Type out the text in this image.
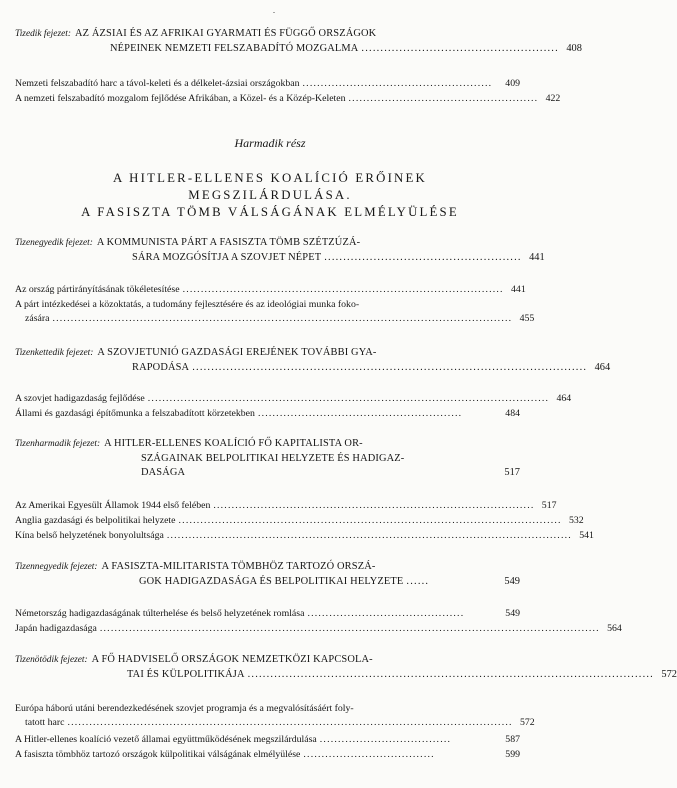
.
Tizedik fejezet: AZ ÁZSIAI ÉS AZ AFRIKAI GYARMATI ÉS FÜGGŐ ORSZÁGOK
NÉPEINEK NEMZETI FELSZABADÍTÓ MOZGALMA .................................................... 408
Nemzeti felszabadító harc a távol-keleti és a délkelet-ázsiai országokban ....................................................	409
A nemzeti felszabadító mozgalom fejlődése Afrikában, a Közel- és a Közép-Keleten .................................................... 422
Harmadik rész
A HITLER-ELLENES KOALÍCIÓ ERŐINEK
MEGSZILÁRDULÁSA.
A FASISZTA TÖMB VÁLSÁGÁNAK ELMÉLYÜLÉSE
Tizenegyedik fejezet: A KOMMUNISTA PÁRT A FASISZTA TÖMB SZÉTZÚZÁ-
SÁRA MOZGÓSÍTJA A SZOVJET NÉPET .................................................... 441
Az ország pártirányításának tökéletesítése ........................................................................................ 441
A párt intézkedései a közoktatás, a tudomány fejlesztésére és az ideológiai munka foko-
zására .............................................................................................................................. 455
Tizenkettedik fejezet: A SZOVJETUNIÓ GAZDASÁGI EREJÉNEK TOVÁBBI GYA-
RAPODÁSA ........................................................................................................ 464
A szovjet hadigazdaság fejlődése .............................................................................................................. 464
Állami és gazdasági építőmunka a felszabadított körzetekben ........................................................	484
Tizenharmadik fejezet: A HITLER-ELLENES KOALÍCIÓ FŐ KAPITALISTA OR-
SZÁGAINAK BELPOLITIKAI HELYZETE ÉS HADIGAZ-
DASÁGA	517
Az Amerikai Egyesült Államok 1944 első felében ........................................................................................ 517
Anglia gazdasági és belpolitikai helyzete ......................................................................................................... 532
Kína belső helyzetének bonyolultsága ............................................................................................................... 541
Tizennegyedik fejezet: A FASISZTA-MILITARISTA TÖMBHÖZ TARTOZÓ ORSZÁ-
GOK HADIGAZDASÁGA ÉS BELPOLITIKAI HELYZETE ......	549
Németország hadigazdaságának túlterhelése és belső helyzetének romlása ...........................................	549
Japán hadigazdasága ......................................................................................................................................... 564
Tizenötödik fejezet: A FŐ HADVISELŐ ORSZÁGOK NEMZETKÖZI KAPCSOLA-
TAI ÉS KÜLPOLITIKÁJA ........................................................................................................... 572
Európa háború utáni berendezkedésének szovjet programja és a megvalósításáért foly-
tatott harc .......................................................................................................................... 572
A Hitler-ellenes koalíció vezető államai együttműködésének megszilárdulása ....................................	587
A fasiszta tömbhöz tartozó országok külpolitikai válságának elmélyülése ....................................	599
